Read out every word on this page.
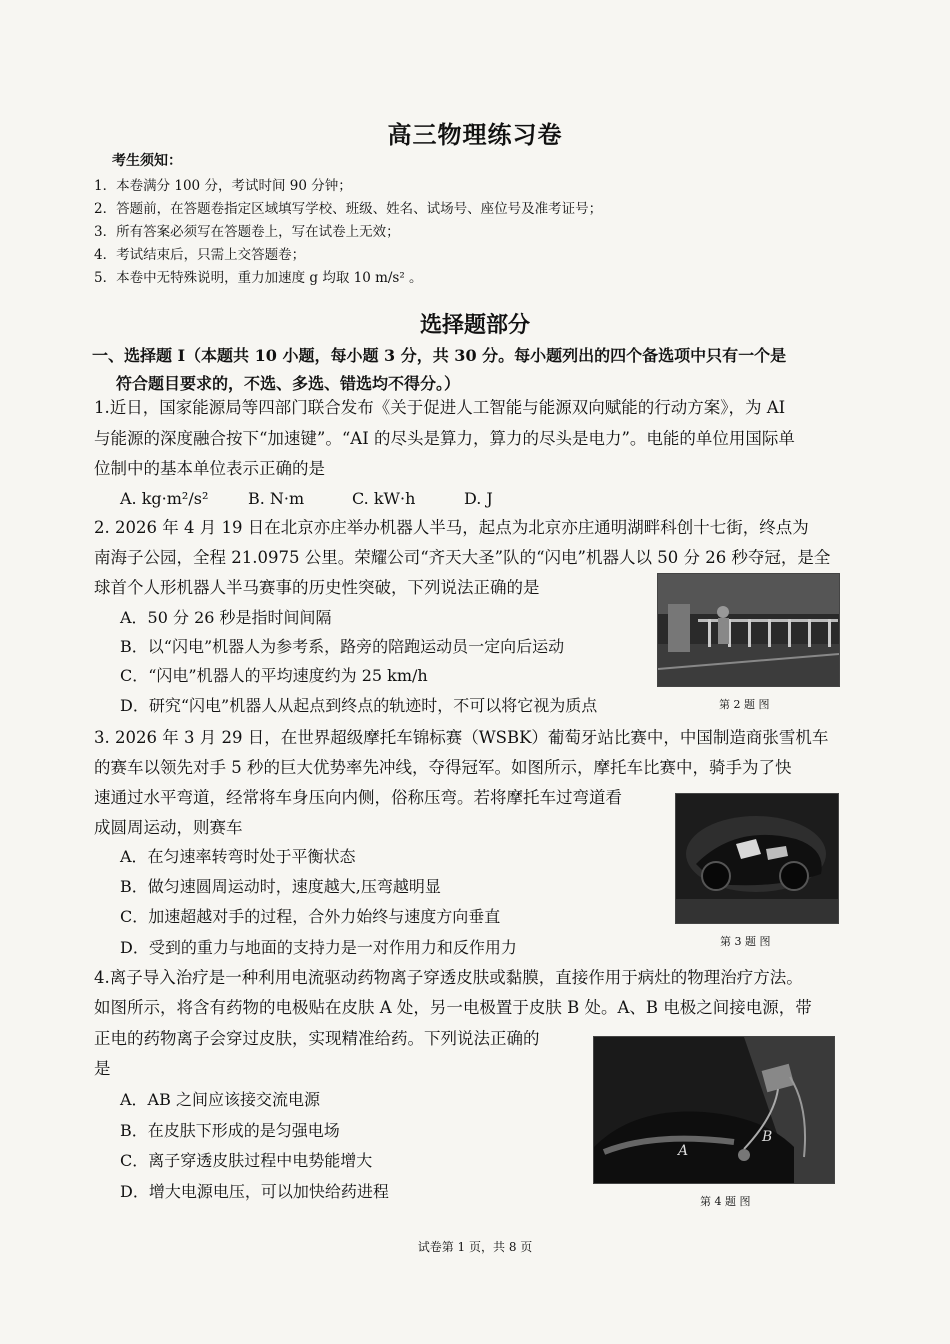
高三物理练习卷
考生须知：
1．本卷满分 100 分，考试时间 90 分钟；
2．答题前，在答题卷指定区域填写学校、班级、姓名、试场号、座位号及准考证号；
3．所有答案必须写在答题卷上，写在试卷上无效；
4．考试结束后，只需上交答题卷；
5．本卷中无特殊说明，重力加速度 g 均取 10 m/s² 。
选择题部分
一、选择题 I（本题共 10 小题，每小题 3 分，共 30 分。每小题列出的四个备选项中只有一个是
符合题目要求的，不选、多选、错选均不得分。）
1.近日，国家能源局等四部门联合发布《关于促进人工智能与能源双向赋能的行动方案》，为 AI
与能源的深度融合按下“加速键”。“AI 的尽头是算力，算力的尽头是电力”。电能的单位用国际单
位制中的基本单位表示正确的是
A. kg·m²/s² B. N·m	C. kW·h	D. J
2. 2026 年 4 月 19 日在北京亦庄举办机器人半马，起点为北京亦庄通明湖畔科创十七街，终点为
南海子公园，全程 21.0975 公里。荣耀公司“齐天大圣”队的“闪电”机器人以 50 分 26 秒夺冠，是全
球首个人形机器人半马赛事的历史性突破，下列说法正确的是
A．50 分 26 秒是指时间间隔
B．以“闪电”机器人为参考系，路旁的陪跑运动员一定向后运动
C．“闪电”机器人的平均速度约为 25 km/h
D．研究“闪电”机器人从起点到终点的轨迹时，不可以将它视为质点	第 2 题 图
3. 2026 年 3 月 29 日，在世界超级摩托车锦标赛（WSBK）葡萄牙站比赛中，中国制造商张雪机车
的赛车以领先对手 5 秒的巨大优势率先冲线，夺得冠军。如图所示，摩托车比赛中，骑手为了快
速通过水平弯道，经常将车身压向内侧，俗称压弯。若将摩托车过弯道看
成圆周运动，则赛车
A．在匀速率转弯时处于平衡状态
B．做匀速圆周运动时，速度越大,压弯越明显
C．加速超越对手的过程，合外力始终与速度方向垂直
D．受到的重力与地面的支持力是一对作用力和反作用力	第 3 题 图
4.离子导入治疗是一种利用电流驱动药物离子穿透皮肤或黏膜，直接作用于病灶的物理治疗方法。
如图所示，将含有药物的电极贴在皮肤 A 处，另一电极置于皮肤 B 处。A、B 电极之间接电源，带
正电的药物离子会穿过皮肤，实现精准给药。下列说法正确的
是
A．AB 之间应该接交流电源
B．在皮肤下形成的是匀强电场
C．离子穿透皮肤过程中电势能增大
D．增大电源电压，可以加快给药进程
A
B
第 4 题 图
试卷第 1 页，共 8 页
